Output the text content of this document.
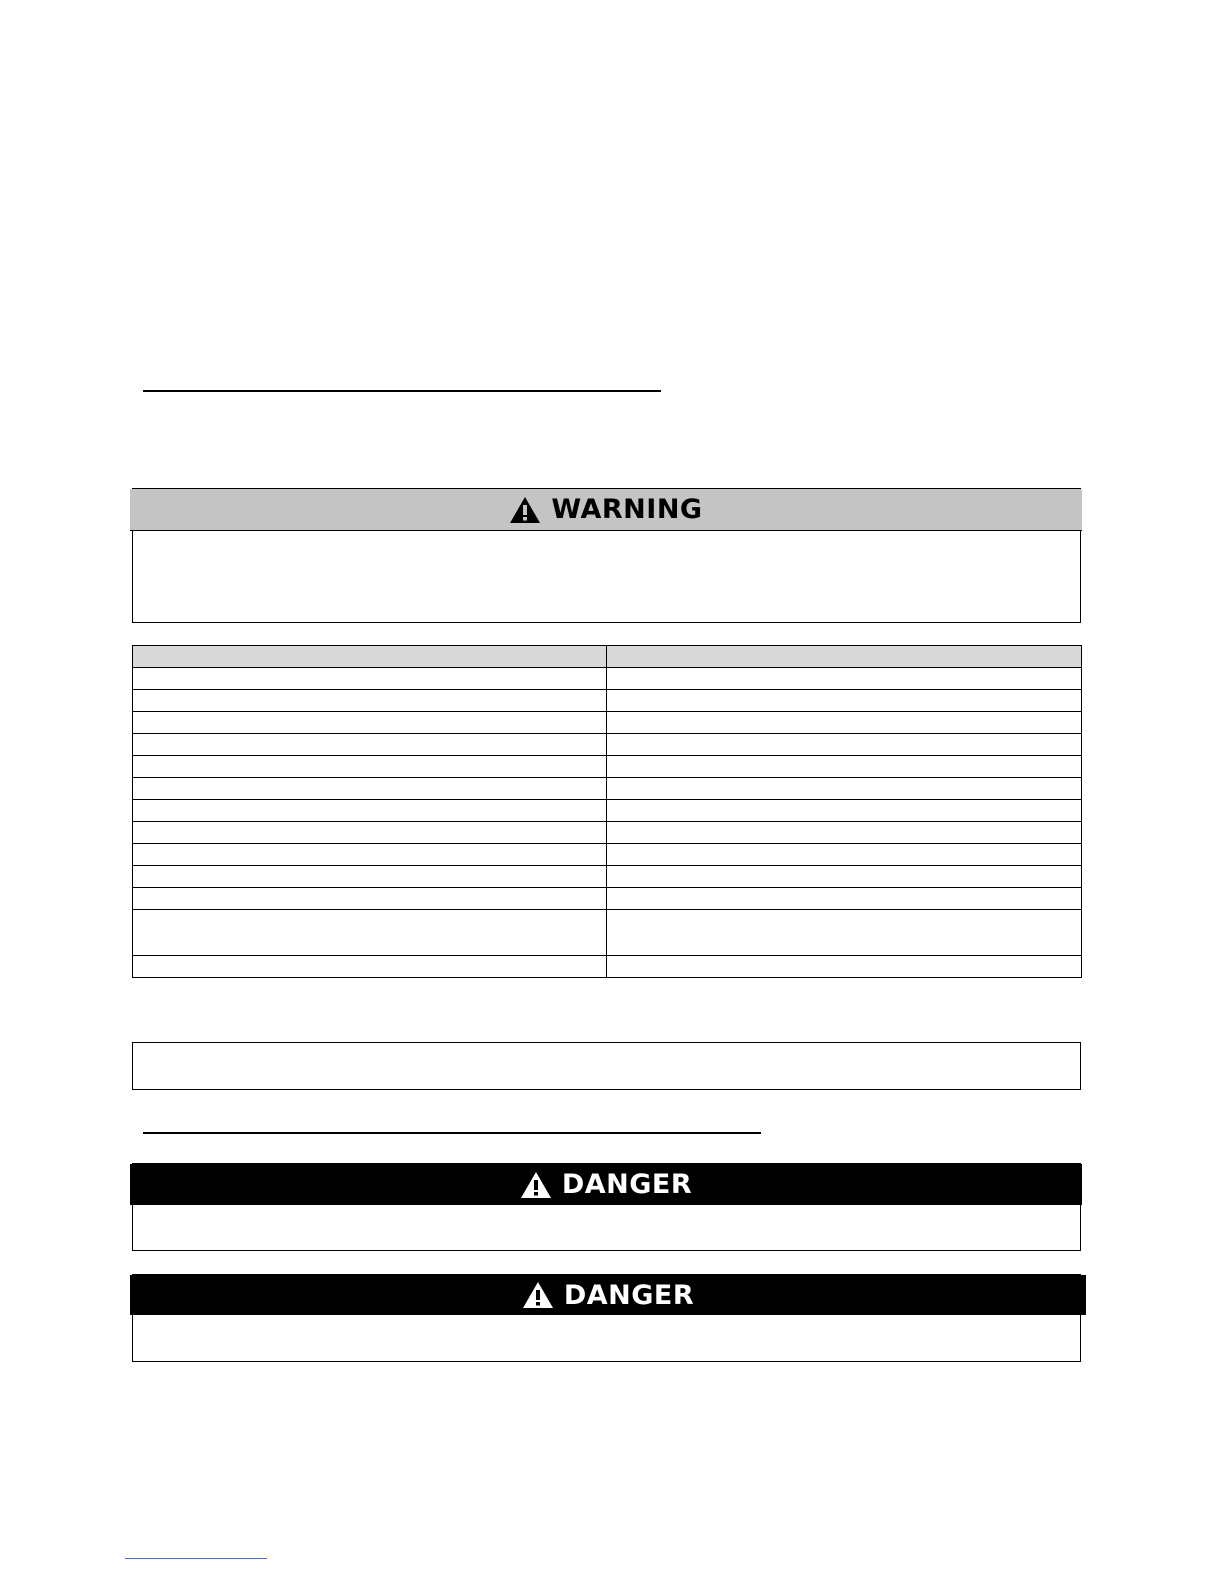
WARNING

DANGER
DANGER
